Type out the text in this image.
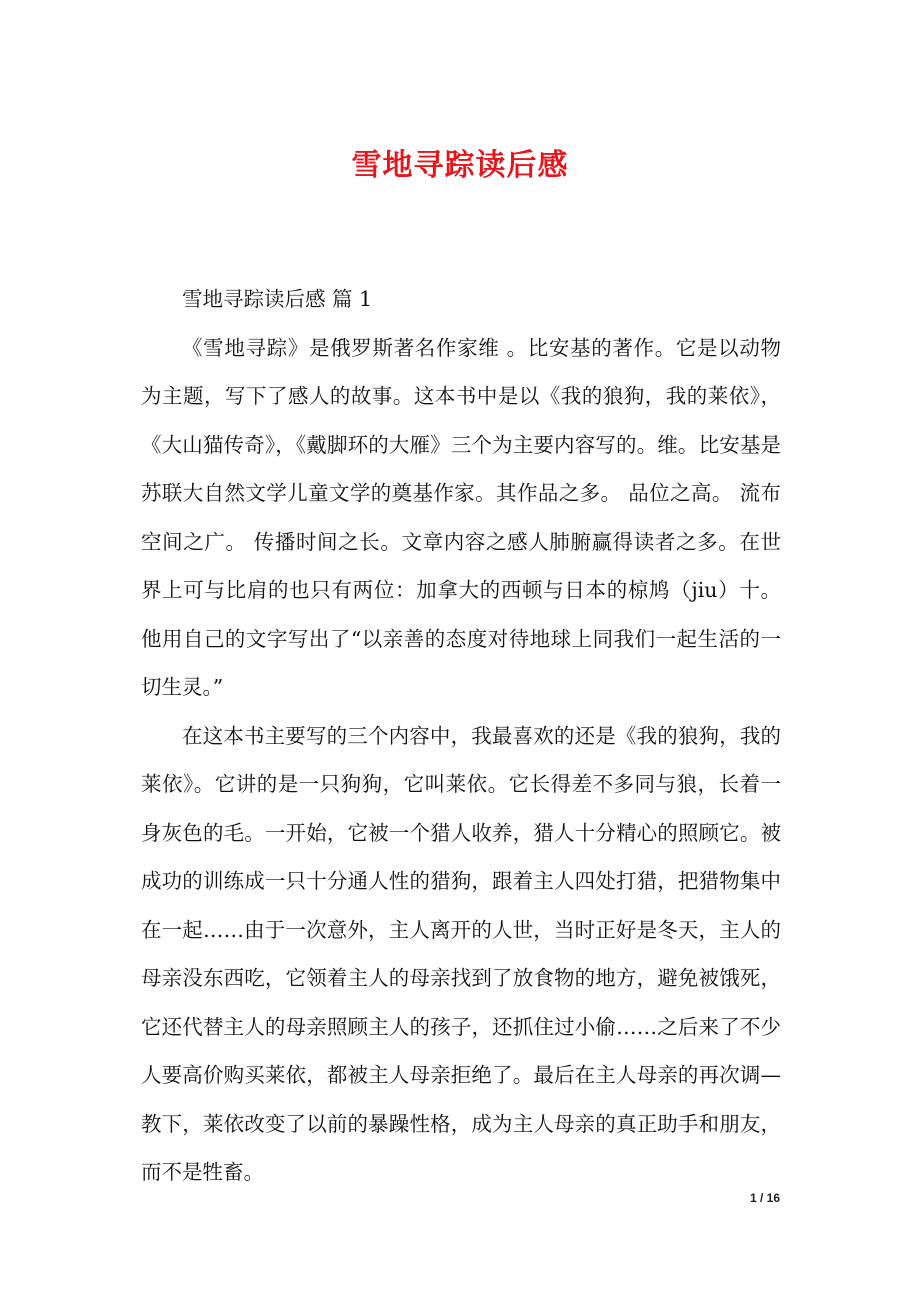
雪地寻踪读后感
雪地寻踪读后感 篇 1

《雪地寻踪》是俄罗斯著名作家维 。比安基的著作。它是以动物为主题，写下了感人的故事。这本书中是以《我的狼狗，我的莱依》，《大山猫传奇》，《戴脚环的大雁》三个为主要内容写的。维。比安基是苏联大自然文学儿童文学的奠基作家。其作品之多。 品位之高。 流布空间之广。 传播时间之长。文章内容之感人肺腑赢得读者之多。在世界上可与比肩的也只有两位：加拿大的西顿与日本的椋鸠（jiu）十。他用自己的文字写出了“以亲善的态度对待地球上同我们一起生活的一切生灵。”

在这本书主要写的三个内容中，我最喜欢的还是《我的狼狗，我的莱依》。它讲的是一只狗狗，它叫莱依。它长得差不多同与狼，长着一身灰色的毛。一开始，它被一个猎人收养，猎人十分精心的照顾它。被成功的训练成一只十分通人性的猎狗，跟着主人四处打猎，把猎物集中在一起……由于一次意外，主人离开的人世，当时正好是冬天，主人的母亲没东西吃，它领着主人的母亲找到了放食物的地方，避免被饿死，它还代替主人的母亲照顾主人的孩子，还抓住过小偷……之后来了不少人要高价购买莱依，都被主人母亲拒绝了。最后在主人母亲的再次调—教下，莱依改变了以前的暴躁性格，成为主人母亲的真正助手和朋友，而不是牲畜。

1 / 16
